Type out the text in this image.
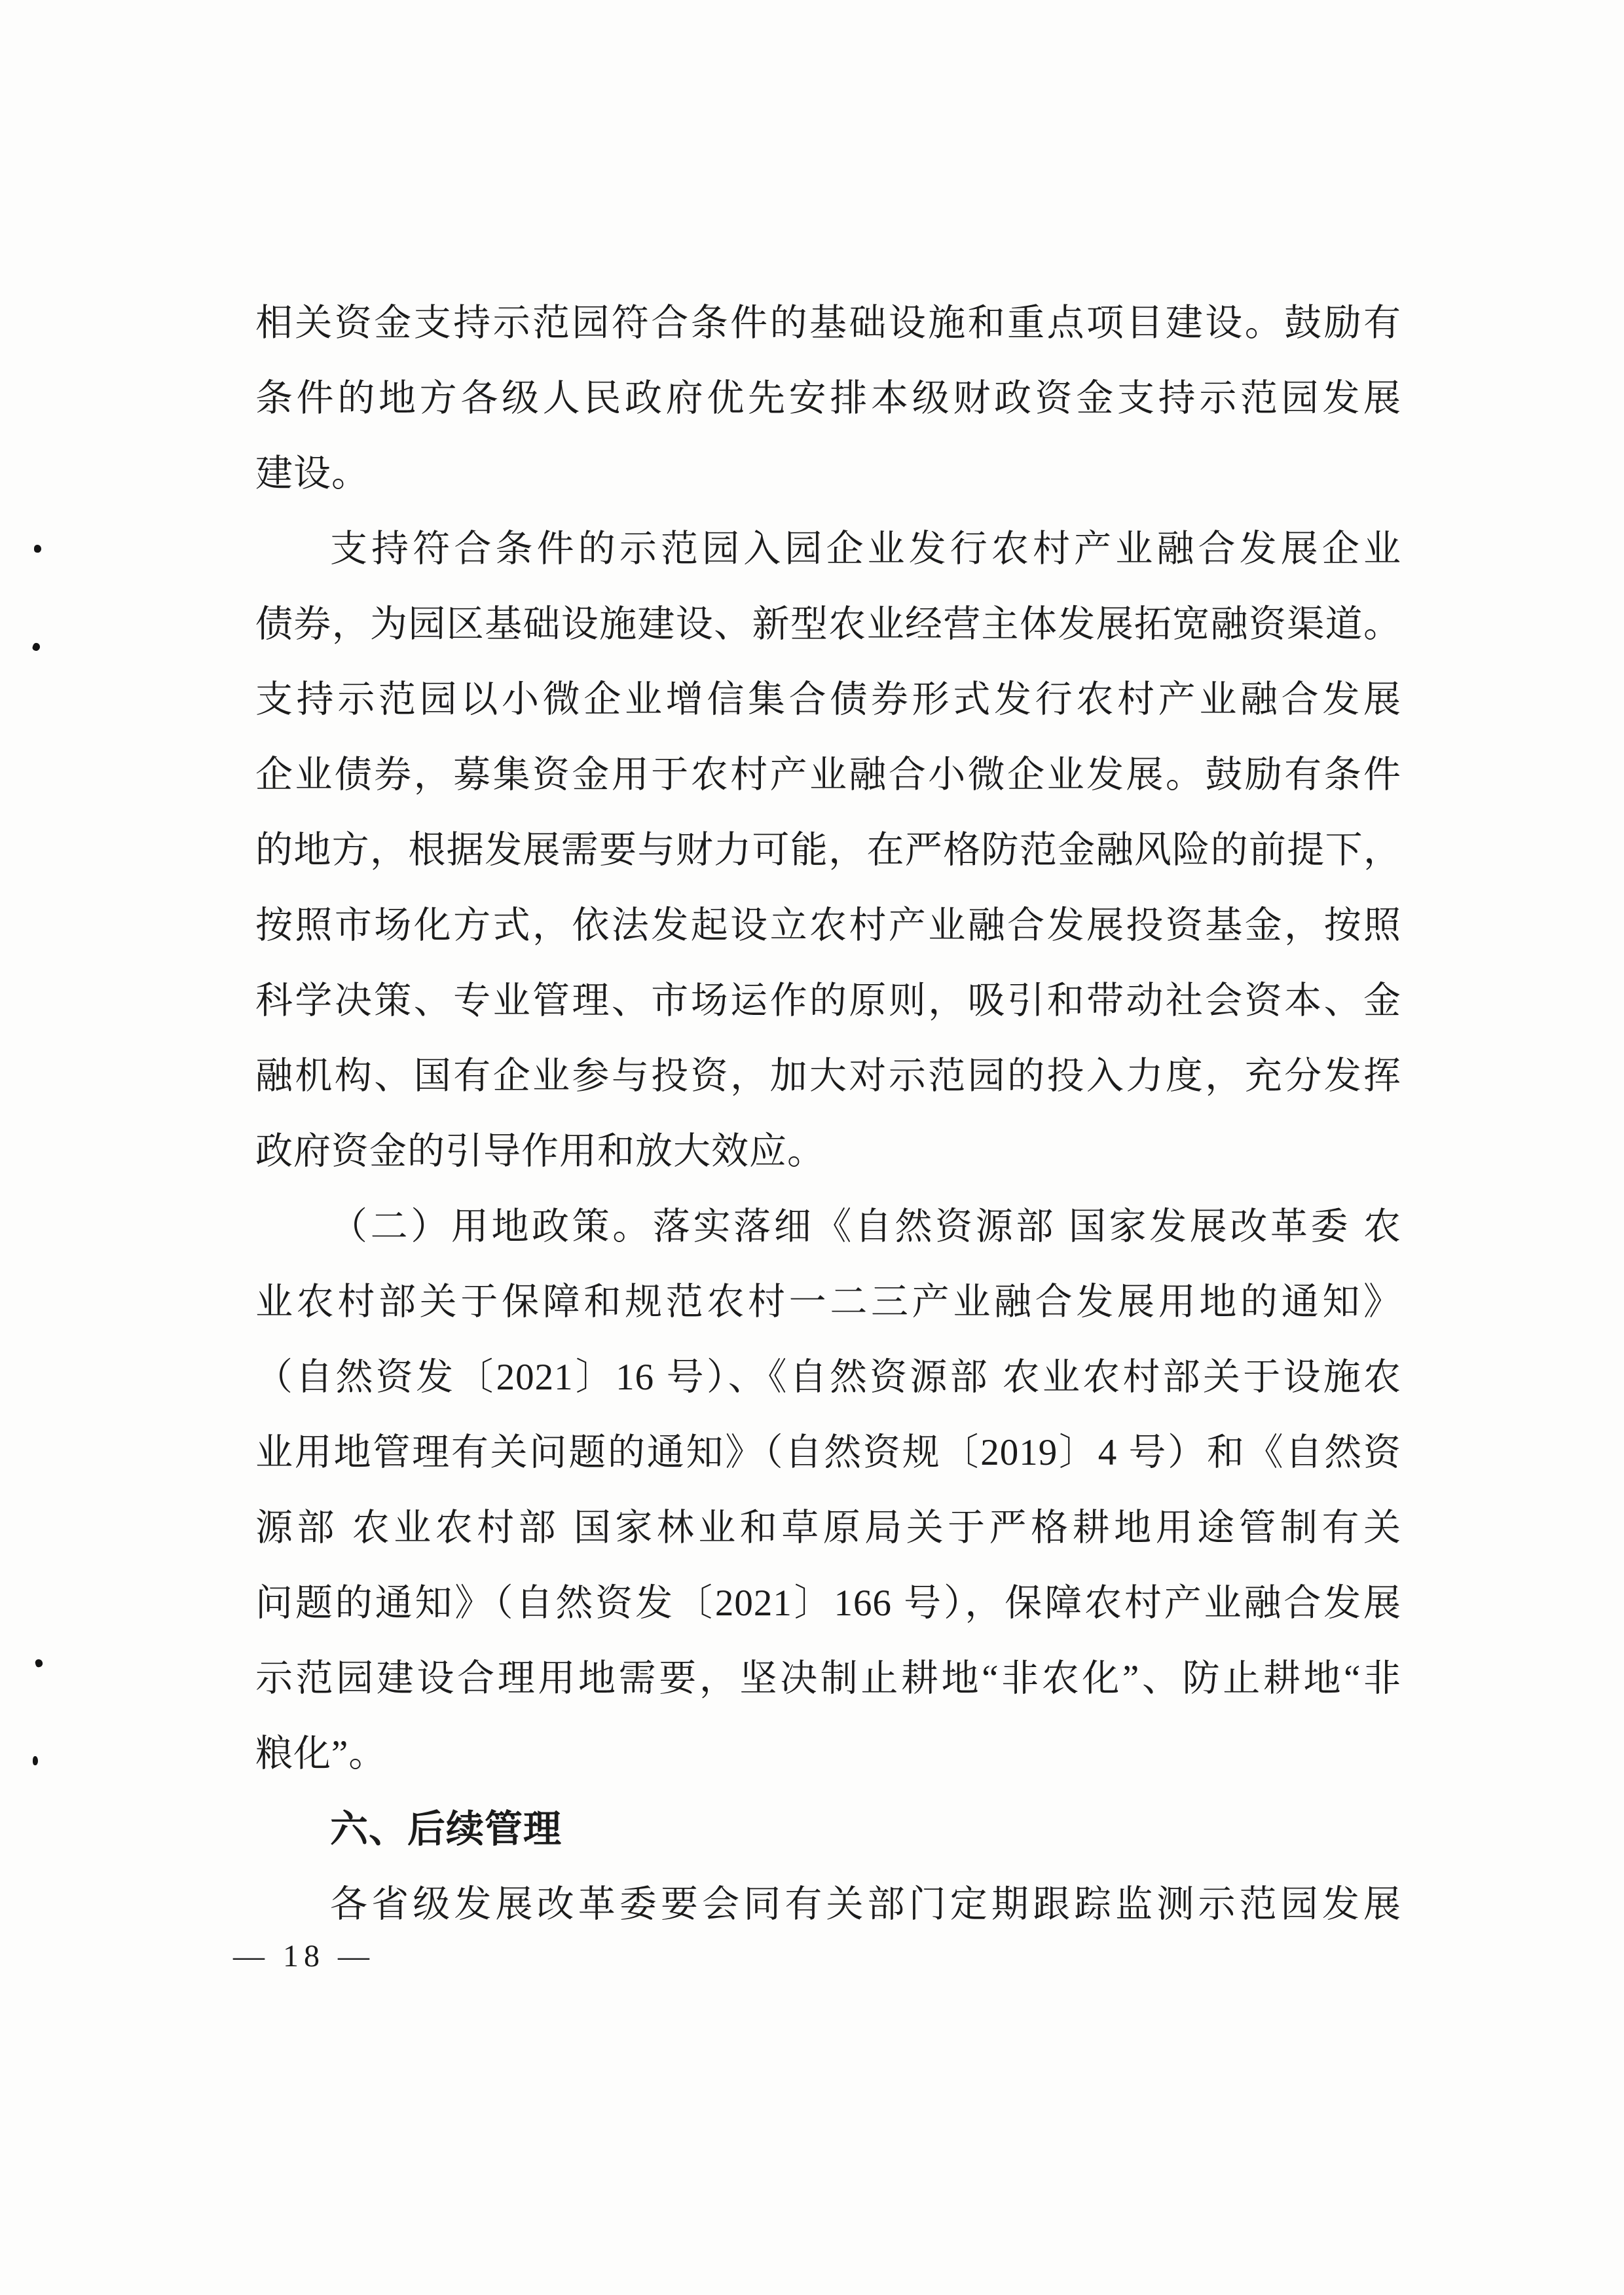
相关资金支持示范园符合条件的基础设施和重点项目建设。鼓励有
条件的地方各级人民政府优先安排本级财政资金支持示范园发展
建设。
支持符合条件的示范园入园企业发行农村产业融合发展企业
债券，为园区基础设施建设、新型农业经营主体发展拓宽融资渠道。
支持示范园以小微企业增信集合债券形式发行农村产业融合发展
企业债券，募集资金用于农村产业融合小微企业发展。鼓励有条件
的地方，根据发展需要与财力可能，在严格防范金融风险的前提下，
按照市场化方式，依法发起设立农村产业融合发展投资基金，按照
科学决策、专业管理、市场运作的原则，吸引和带动社会资本、金
融机构、国有企业参与投资，加大对示范园的投入力度，充分发挥
政府资金的引导作用和放大效应。
（二）用地政策。落实落细《自然资源部 国家发展改革委 农
业农村部关于保障和规范农村一二三产业融合发展用地的通知》
（自然资发〔2021〕16 号）、《自然资源部 农业农村部关于设施农
业用地管理有关问题的通知》（自然资规〔2019〕4 号）和《自然资
源部 农业农村部 国家林业和草原局关于严格耕地用途管制有关
问题的通知》（自然资发〔2021〕166 号），保障农村产业融合发展
示范园建设合理用地需要，坚决制止耕地“非农化”、防止耕地“非
粮化”。
六、后续管理
各省级发展改革委要会同有关部门定期跟踪监测示范园发展
— 18 —
